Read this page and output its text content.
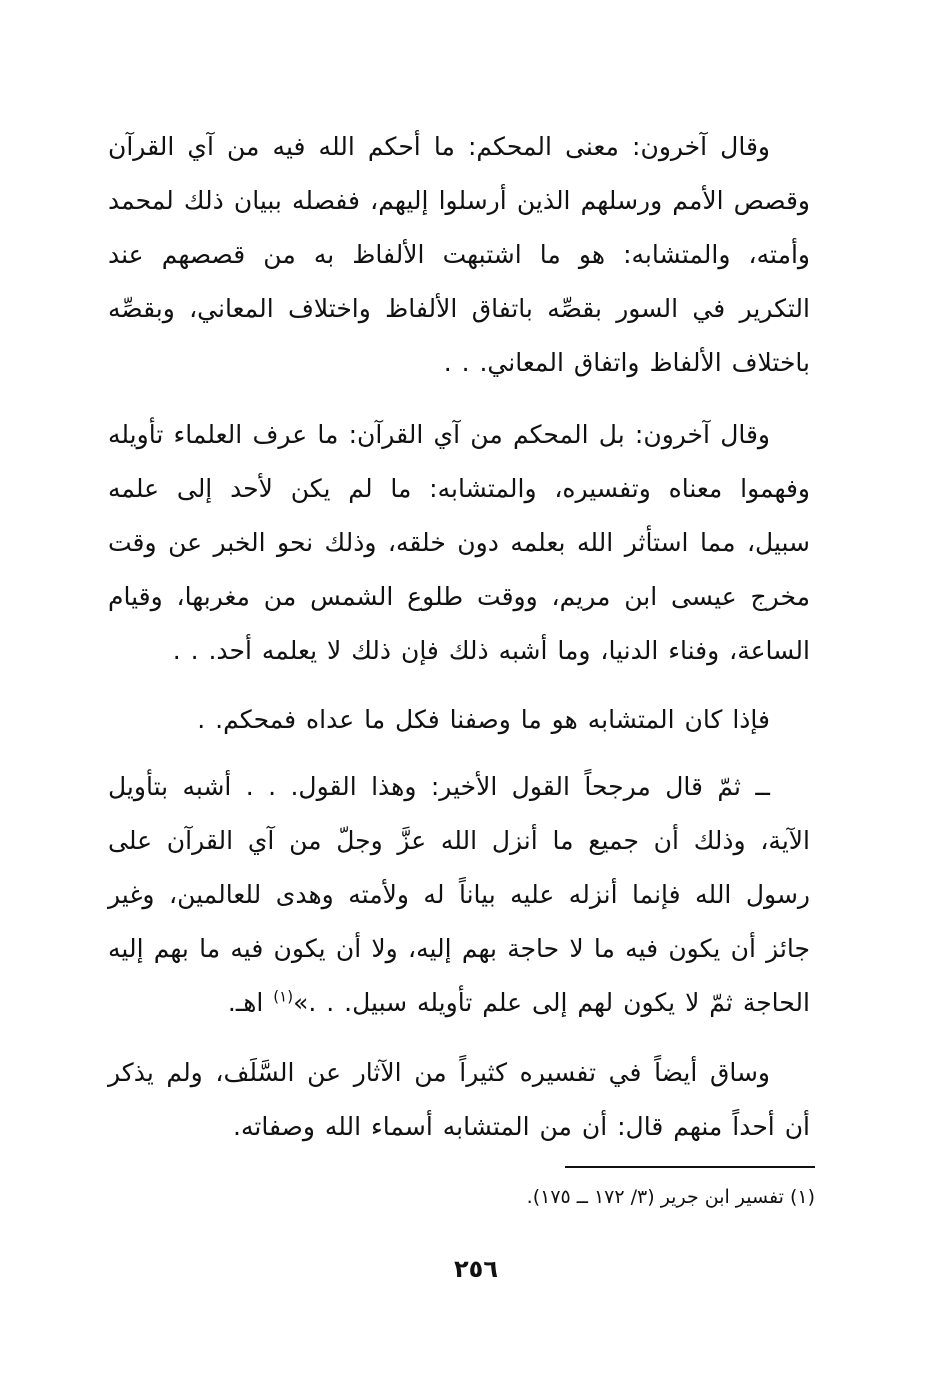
وقال آخرون: معنى المحكم: ما أحكم الله فيه من آي القرآن وقصص الأمم ورسلهم الذين أرسلوا إليهم، ففصله ببيان ذلك لمحمد وأمته، والمتشابه: هو ما اشتبهت الألفاظ به من قصصهم عند التكرير في السور بقصِّه باتفاق الألفاظ واختلاف المعاني، وبقصِّه باختلاف الألفاظ واتفاق المعاني. . .

وقال آخرون: بل المحكم من آي القرآن: ما عرف العلماء تأويله وفهموا معناه وتفسيره، والمتشابه: ما لم يكن لأحد إلى علمه سبيل، مما استأثر الله بعلمه دون خلقه، وذلك نحو الخبر عن وقت مخرج عيسى ابن مريم، ووقت طلوع الشمس من مغربها، وقيام الساعة، وفناء الدنيا، وما أشبه ذلك فإن ذلك لا يعلمه أحد. . .

فإذا كان المتشابه هو ما وصفنا فكل ما عداه فمحكم. .

ــ ثمّ قال مرجحاً القول الأخير: وهذا القول. . . أشبه بتأويل الآية، وذلك أن جميع ما أنزل الله عزَّ وجلّ من آي القرآن على رسول الله فإنما أنزله عليه بياناً له ولأمته وهدى للعالمين، وغير جائز أن يكون فيه ما لا حاجة بهم إليه، ولا أن يكون فيه ما بهم إليه الحاجة ثمّ لا يكون لهم إلى علم تأويله سبيل. . .»$^{(١)}$ اهـ.

وساق أيضاً في تفسيره كثيراً من الآثار عن السَّلَف، ولم يذكر أن أحداً منهم قال: أن من المتشابه أسماء الله وصفاته.

(١) تفسير ابن جرير (٣/ ١٧٢ ــ ١٧٥).
٢٥٦
